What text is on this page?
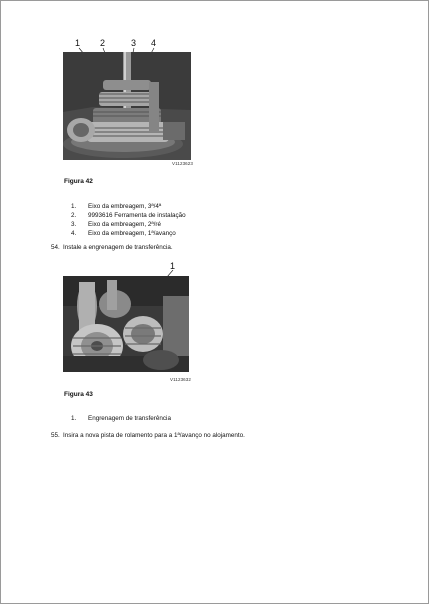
1 2	3 4
V1123623
Figura 42
1. Eixo da embreagem, 3ª/4ª
2. 9993616 Ferramenta de instalação
3. Eixo da embreagem, 2ª/ré
4. Eixo da embreagem, 1ª/avanço
54. Instale a engrenagem de transferência.
1
V1123632
Figura 43
1. Engrenagem de transferência
55. Insira a nova pista de rolamento para a 1ª/avanço no alojamento.
